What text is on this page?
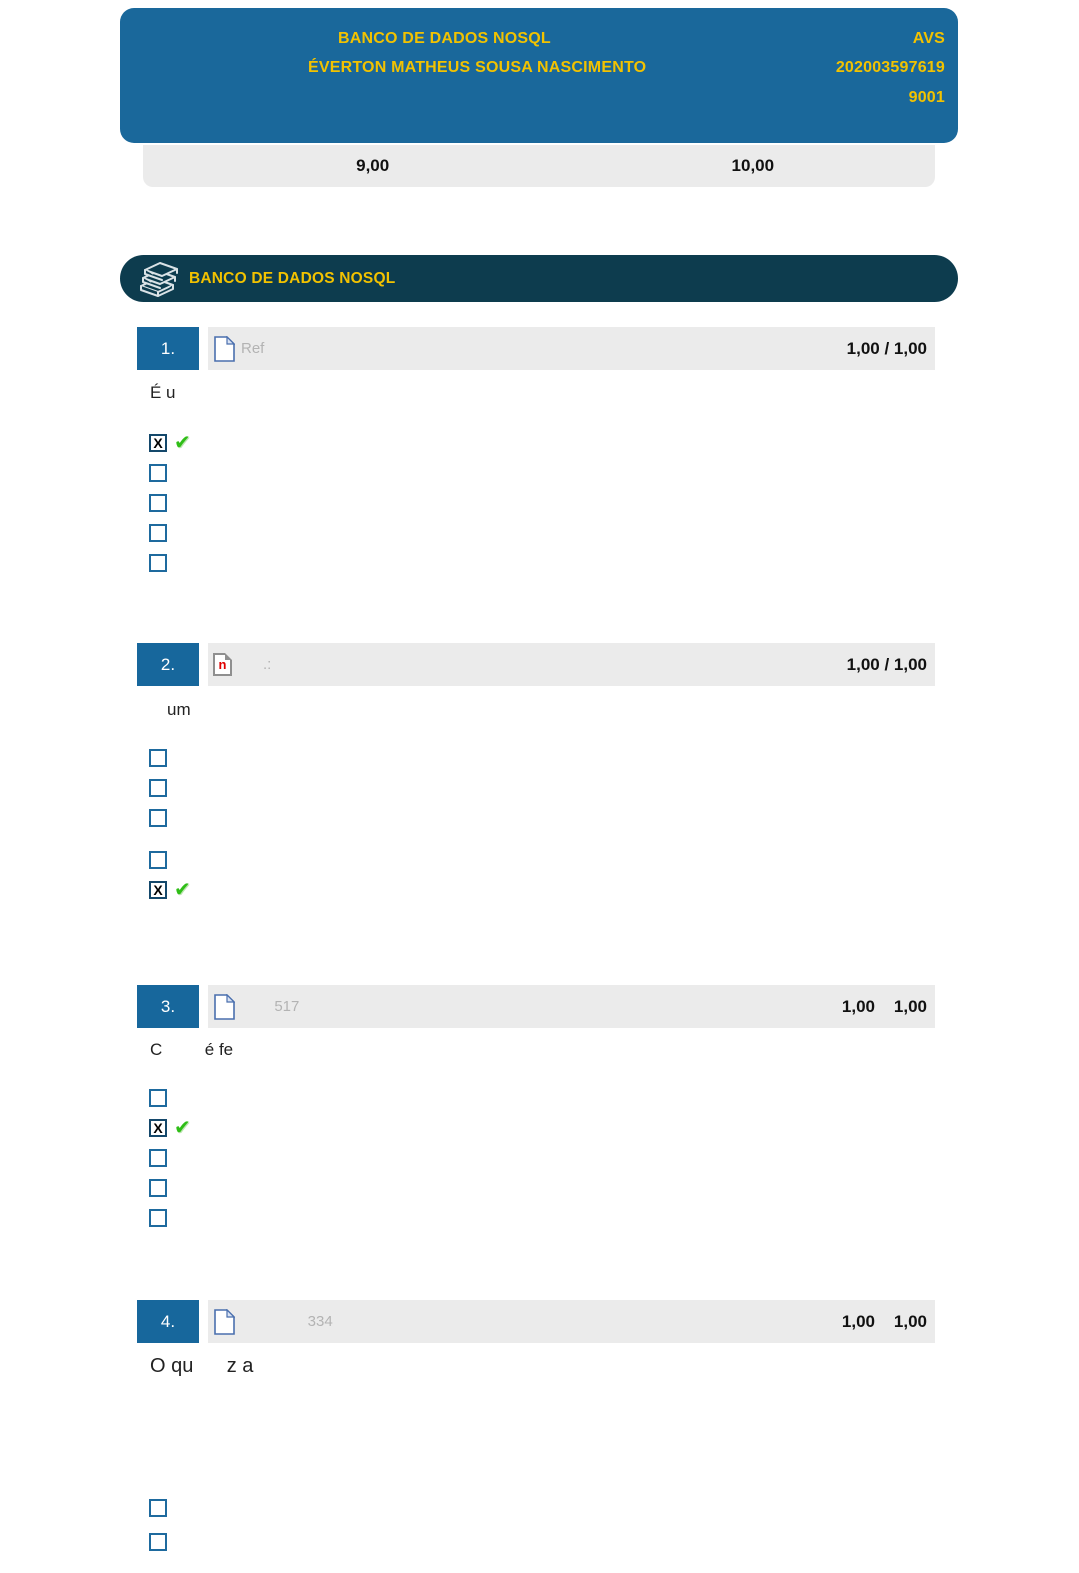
BANCO DE DADOS NOSQL
ÉVERTON MATHEUS SOUSA NASCIMENTO
AVS
202003597619
9001
9,00	10,00
BANCO DE DADOS NOSQL
1.	Ref	1,00 / 1,00
É u
X ✔
2.	n .:	1,00 / 1,00
um
X ✔
3.	517	1,00    1,00
C         é fe
X ✔
4.	334	1,00    1,00
O qu      z a
